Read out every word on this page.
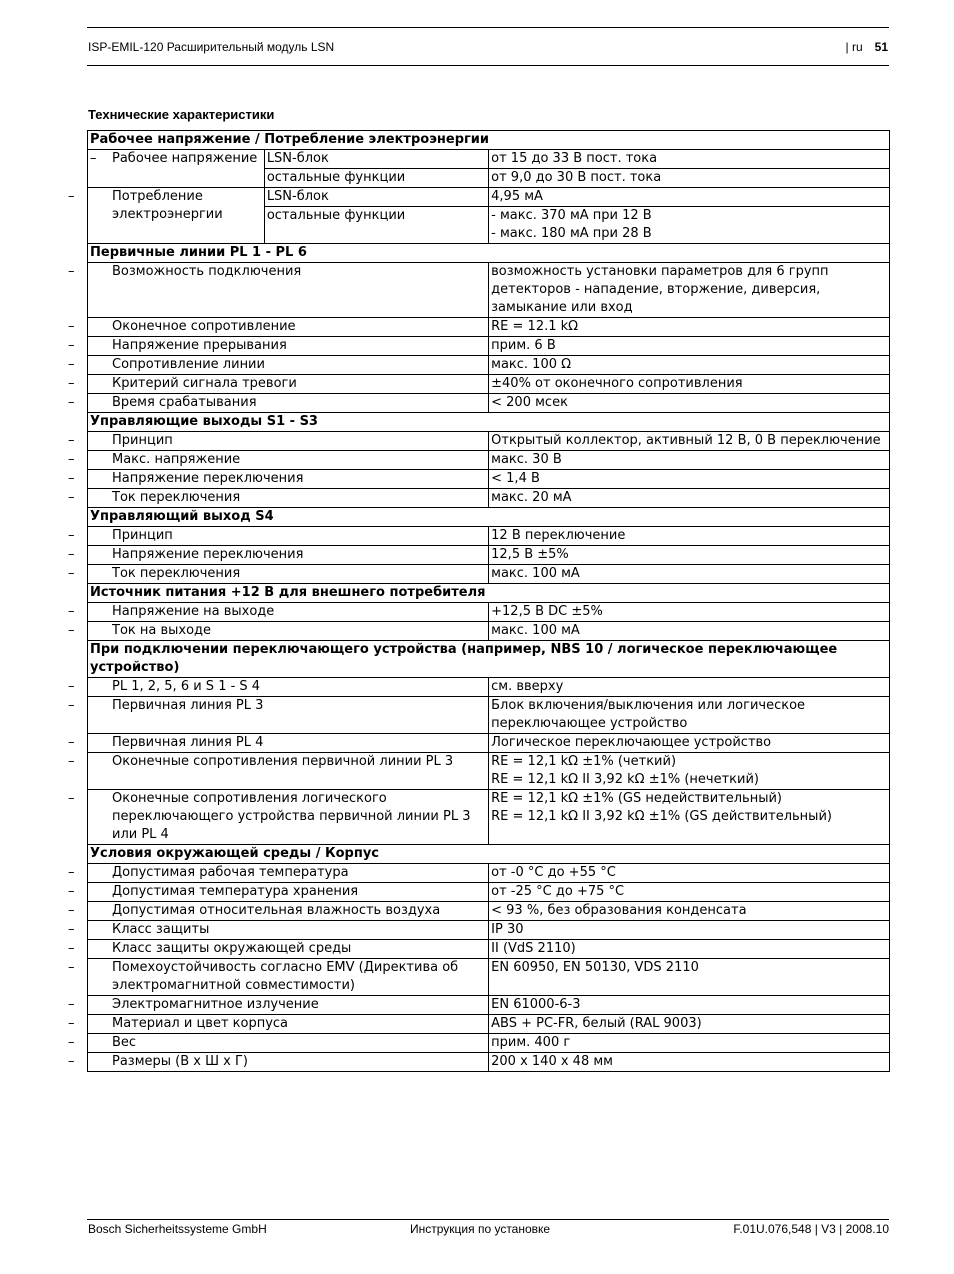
ISP-EMIL-120 Расширительный модуль LSN	| ru 51
Технические характеристики
Рабочее напряжение / Потребление электроэнергии		
– Рабочее напряжение	LSN-блок	от 15 до 33 В пост. тока
	остальные функции	от 9,0 до 30 В пост. тока

– Потребление электроэнергии	LSN-блок	4,95 мА
	остальные функции	- макс. 370 мА при 12 В
- макс. 180 мА при 28 В
Первичные линии PL 1 - PL 6		

– Возможность подключения		возможность установки параметров для 6 групп детекторов - нападение, вторжение, диверсия, замыкание или вход

– Оконечное сопротивление		RE = 12.1 kΩ

– Напряжение прерывания		прим. 6 В

– Сопротивление линии		макс. 100 Ω

– Критерий сигнала тревоги		±40% от оконечного сопротивления

– Время срабатывания		< 200 мсек
Управляющие выходы S1 - S3		

– Принцип		Открытый коллектор, активный 12 В, 0 В переключение

– Макс. напряжение		макс. 30 В

– Напряжение переключения		< 1,4 В

– Ток переключения		макс. 20 мА
Управляющий выход S4		

– Принцип		12 В переключение

– Напряжение переключения		12,5 В ±5%

– Ток переключения		макс. 100 мА
Источник питания +12 В для внешнего потребителя		

– Напряжение на выходе		+12,5 В DC ±5%

– Ток на выходе		макс. 100 мА
При подключении переключающего устройства (например, NBS 10 / логическое переключающее устройство)		

– PL 1, 2, 5, 6 и S 1 - S 4		см. вверху

– Первичная линия PL 3		Блок включения/выключения или логическое переключающее устройство

– Первичная линия PL 4		Логическое переключающее устройство

– Оконечные сопротивления первичной линии PL 3		RE = 12,1 kΩ ±1% (четкий)
RE = 12,1 kΩ II 3,92 kΩ ±1% (нечеткий)

– Оконечные сопротивления логического переключающего устройства первичной линии PL 3 или PL 4		RE = 12,1 kΩ ±1% (GS недействительный)
RE = 12,1 kΩ II 3,92 kΩ ±1% (GS действительный)
Условия окружающей среды / Корпус		

– Допустимая рабочая температура		от -0 °C до +55 °C

– Допустимая температура хранения		от -25 °C до +75 °C

– Допустимая относительная влажность воздуха		< 93 %, без образования конденсата

– Класс защиты		IP 30

– Класс защиты окружающей среды		II (VdS 2110)

– Помехоустойчивость согласно EMV (Директива об электромагнитной совместимости)		EN 60950, EN 50130, VDS 2110

– Электромагнитное излучение		EN 61000-6-3

– Материал и цвет корпуса		ABS + PC-FR, белый (RAL 9003)

– Вес		прим. 400 г

– Размеры (В х Ш х Г)		200 x 140 x 48 мм
Bosch Sicherheitssysteme GmbH	Инструкция по установке	F.01U.076,548 | V3 | 2008.10
